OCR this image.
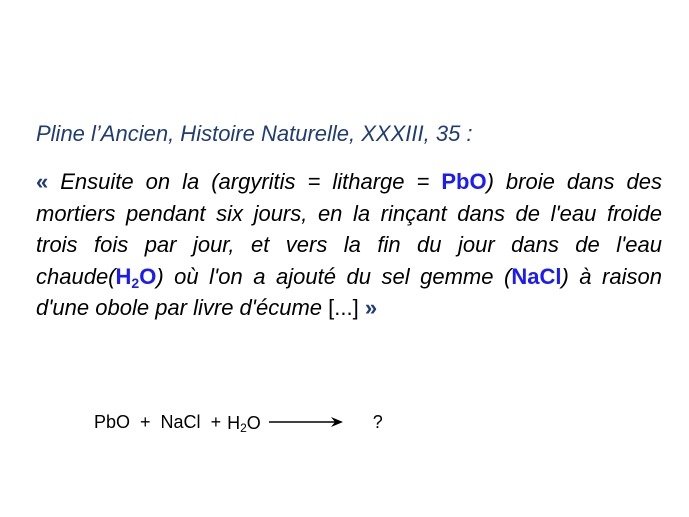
Pline l’Ancien, Histoire Naturelle, XXXIII, 35 :
« Ensuite on la (argyritis = litharge = PbO) broie dans des mortiers pendant six jours, en la rinçant dans de l'eau froide trois fois par jour, et vers la fin du jour dans de l'eau $chaude(H_2O)$ où l'on a ajouté du sel gemme (NaCl) à raison d'une obole par livre d'écume [...] »
PbO + NaCl + $H_2O$	?
